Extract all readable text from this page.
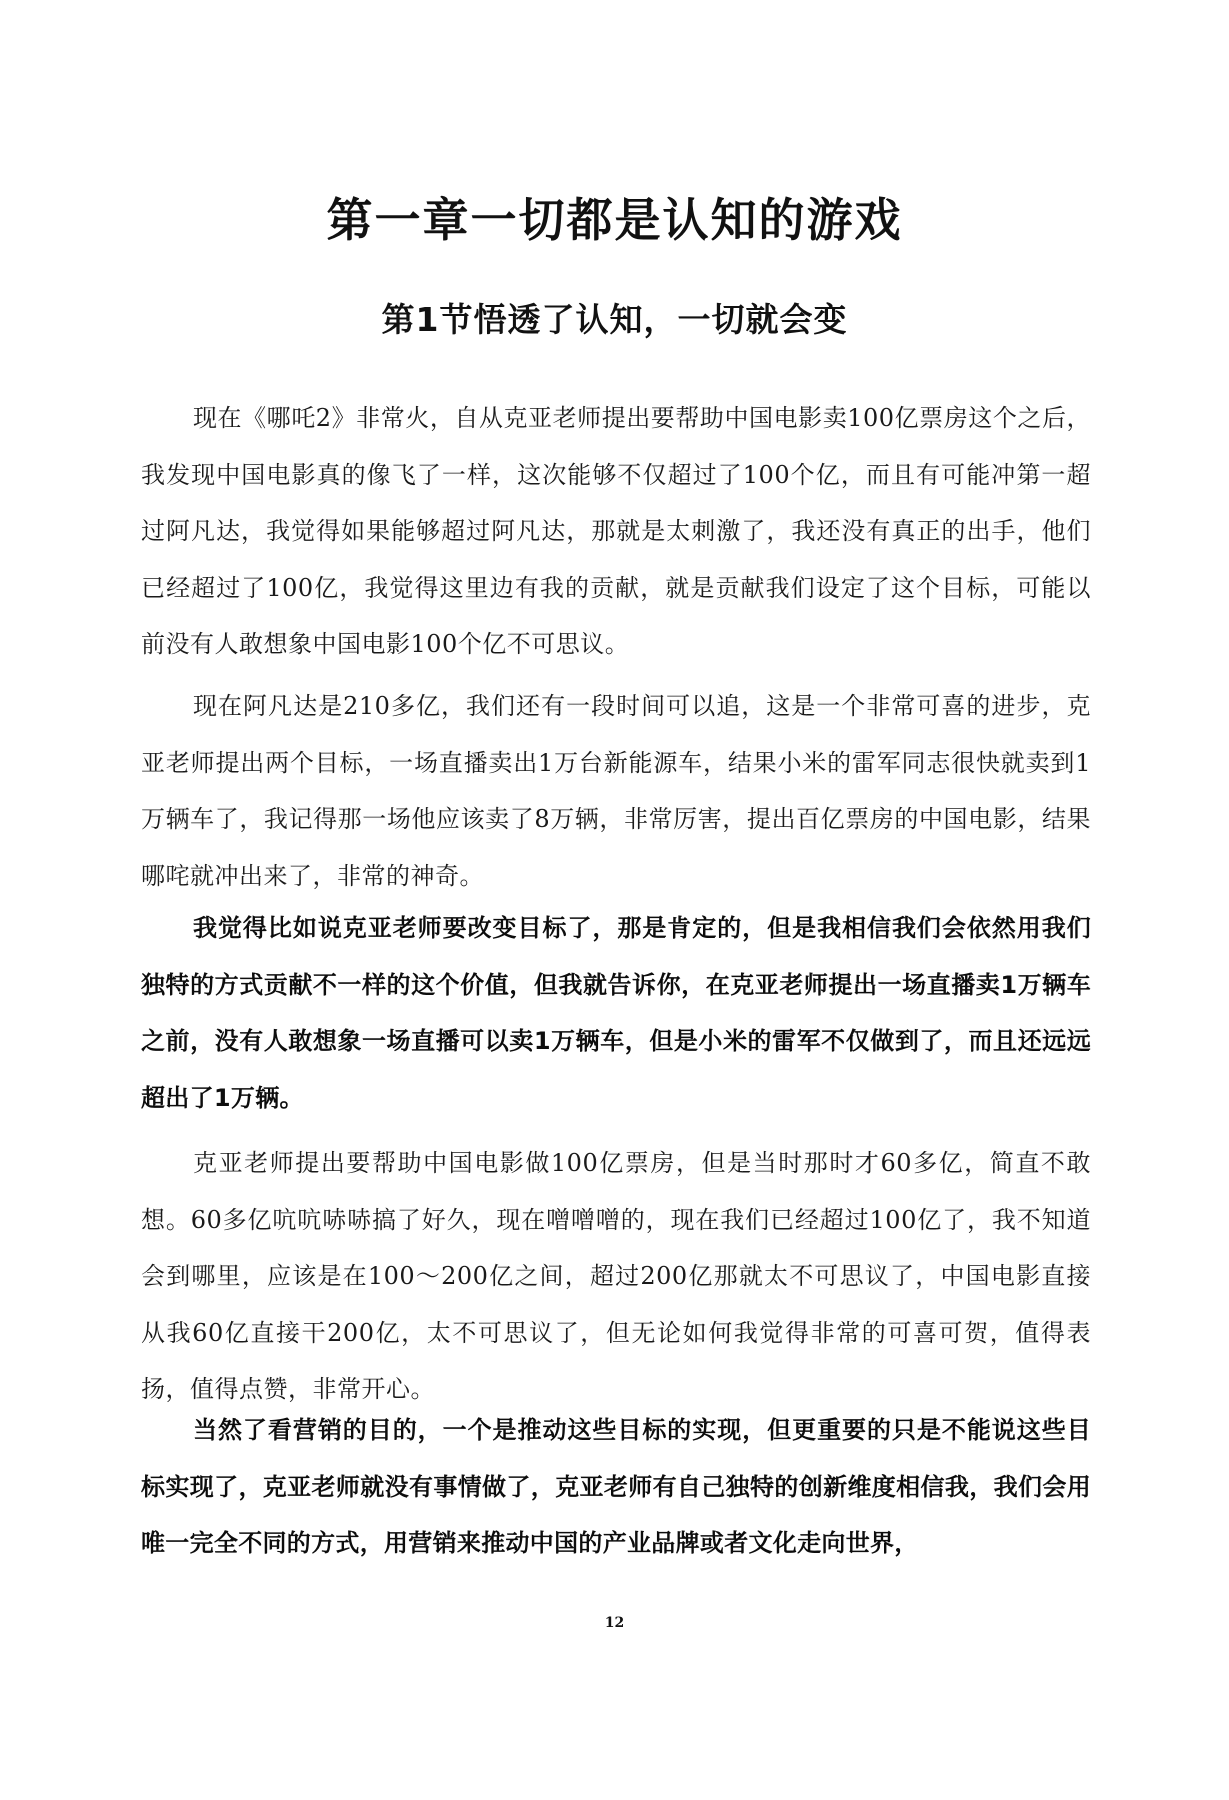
第一章一切都是认知的游戏
第1节悟透了认知，一切就会变

现在《哪吒2》非常火，自从克亚老师提出要帮助中国电影卖100亿票房这个之后，我发现中国电影真的像飞了一样，这次能够不仅超过了100个亿，而且有可能冲第一超过阿凡达，我觉得如果能够超过阿凡达，那就是太刺激了，我还没有真正的出手，他们已经超过了100亿，我觉得这里边有我的贡献，就是贡献我们设定了这个目标，可能以前没有人敢想象中国电影100个亿不可思议。

现在阿凡达是210多亿，我们还有一段时间可以追，这是一个非常可喜的进步，克亚老师提出两个目标，一场直播卖出1万台新能源车，结果小米的雷军同志很快就卖到1万辆车了，我记得那一场他应该卖了8万辆，非常厉害，提出百亿票房的中国电影，结果哪咤就冲出来了，非常的神奇。

我觉得比如说克亚老师要改变目标了，那是肯定的，但是我相信我们会依然用我们独特的方式贡献不一样的这个价值，但我就告诉你，在克亚老师提出一场直播卖1万辆车之前，没有人敢想象一场直播可以卖1万辆车，但是小米的雷军不仅做到了，而且还远远超出了1万辆。

克亚老师提出要帮助中国电影做100亿票房，但是当时那时才60多亿，简直不敢想。60多亿吭吭哧哧搞了好久，现在噌噌噌的，现在我们已经超过100亿了，我不知道会到哪里，应该是在100～200亿之间，超过200亿那就太不可思议了，中国电影直接从我60亿直接干200亿，太不可思议了，但无论如何我觉得非常的可喜可贺，值得表扬，值得点赞，非常开心。

当然了看营销的目的，一个是推动这些目标的实现，但更重要的只是不能说这些目标实现了，克亚老师就没有事情做了，克亚老师有自己独特的创新维度相信我，我们会用唯一完全不同的方式，用营销来推动中国的产业品牌或者文化走向世界，

12
